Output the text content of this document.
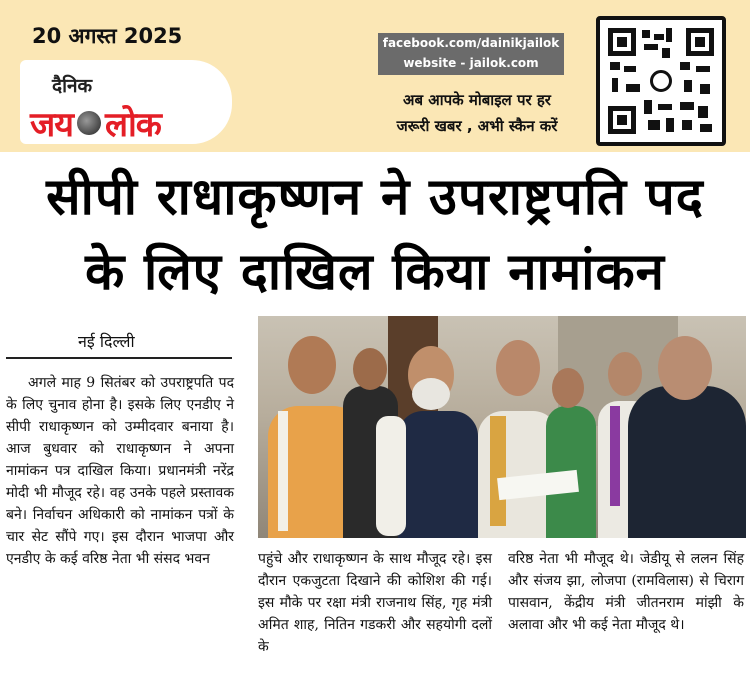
20 अगस्त 2025
दैनिक
जय लोक
facebook.com/dainikjailok
website - jailok.com
अब आपके मोबाइल पर हर
जरूरी खबर , अभी स्कैन करें
सीपी राधाकृष्णन ने उपराष्ट्रपति पद
के लिए दाखिल किया नामांकन
नई दिल्ली
अगले माह 9 सितंबर को उपराष्ट्रपति पद के लिए चुनाव होना है। इसके लिए एनडीए ने सीपी राधाकृष्णन को उम्मीदवार बनाया है। आज बुधवार को राधाकृष्णन ने अपना नामांकन पत्र दाखिल किया। प्रधानमंत्री नरेंद्र मोदी भी मौजूद रहे। वह उनके पहले प्रस्तावक बने। निर्वाचन अधिकारी को नामांकन पत्रों के चार सेट सौंपे गए। इस दौरान भाजपा और एनडीए के कई वरिष्ठ नेता भी संसद भवन	पहुंचे और राधाकृष्णन के साथ मौजूद रहे। इस दौरान एकजुटता दिखाने की कोशिश की गई। इस मौके पर रक्षा मंत्री राजनाथ सिंह, गृह मंत्री अमित शाह, नितिन गडकरी और सहयोगी दलों के
वरिष्ठ नेता भी मौजूद थे। जेडीयू से ललन सिंह और संजय झा, लोजपा (रामविलास) से चिराग पासवान, केंद्रीय मंत्री जीतनराम मांझी के अलावा और भी कई नेता मौजूद थे।
